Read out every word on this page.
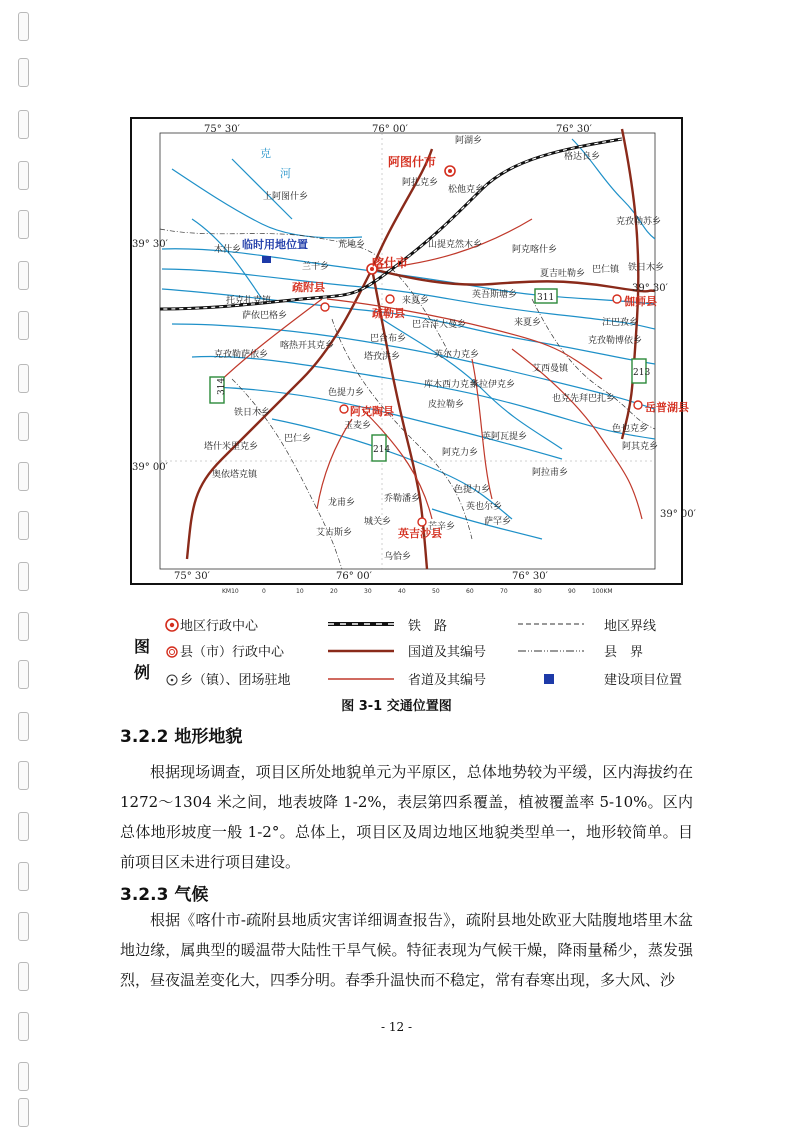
311
314
213
214
75° 30′	76° 00′	76° 30′
75° 30′	76° 00′	76° 30′
39° 30′
39° 30′
39° 00′
39° 00′
阿图什市
喀什市
疏附县
疏勒县
阿克陶县
英吉沙县
伽师县
岳普湖县
临时用地位置
阿湖乡
格达良乡
上阿图什乡
阿扎克乡
松他克乡
克孜勒苏乡
木什乡	荒地乡	山提克然木乡	阿克喀什乡
铁日木乡
兰干乡
夏吉吐勒乡 巴仁镇
托克扎克镇
萨依巴格乡
来夏乡
英吾斯塘乡
江巴孜乡
巴合洋大曼乡	来夏乡
克孜勒博依乡
喀热开其克乡
巴台布乡
塔孜洪乡	英尔力克乡
艾西曼镇
克孜勒萨依乡
库木西力克乡
米拉伊克乡
色提力乡
也克先拜巴扎乡
铁日木乡
皮拉勒乡
色也克乡
玉麦乡
巴仁乡
塔什米里克乡
英阿瓦提乡
奥依塔克镇
阿克力乡
阿拉甫乡
阿其克乡
色提力乡
龙甫乡	乔勒潘乡
英也尔乡
城关乡	芒辛乡	萨罕乡
艾古斯乡
乌恰乡
克
河
KM10	0	10	20	30	40	50	60	70	80	90	100KM
图
例
地区行政中心
县（市）行政中心
乡（镇）、团场驻地
铁　路
国道及其编号
省道及其编号
地区界线
县　界
建设项目位置
图 3-1 交通位置图
3.2.2 地形地貌
根据现场调查，项目区所处地貌单元为平原区，总体地势较为平缓，区内海拔约在1272～1304 米之间，地表坡降 1-2%，表层第四系覆盖，植被覆盖率 5-10%。区内总体地形坡度一般 1-2°。总体上，项目区及周边地区地貌类型单一，地形较简单。目前项目区未进行项目建设。
3.2.3 气候
根据《喀什市-疏附县地质灾害详细调查报告》，疏附县地处欧亚大陆腹地塔里木盆地边缘，属典型的暖温带大陆性干旱气候。特征表现为气候干燥，降雨量稀少，蒸发强烈，昼夜温差变化大，四季分明。春季升温快而不稳定，常有春寒出现，多大风、沙
- 12 -
